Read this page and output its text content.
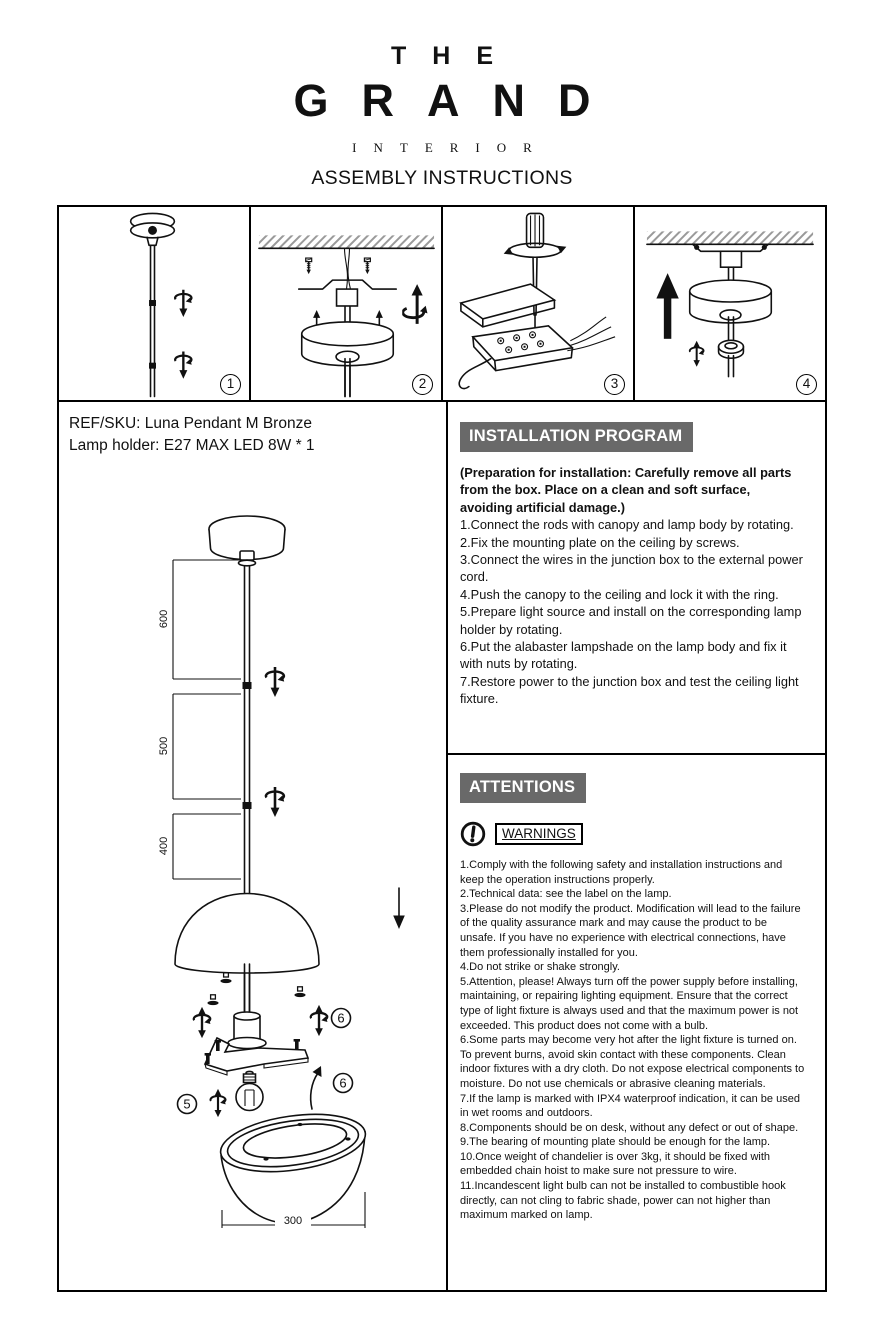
THE
GRAND
INTERIOR
ASSEMBLY INSTRUCTIONS
1	2	3	4
REF/SKU: Luna Pendant M Bronze
Lamp holder: E27 MAX LED 8W * 1
600
500
400
6
5
6
300
INSTALLATION PROGRAM

(Preparation for installation: Carefully remove all parts from the box. Place on a clean and soft surface, avoiding artificial damage.)

1.Connect the rods with canopy and lamp body by rotating.

2.Fix the mounting plate on the ceiling by screws.

3.Connect the wires in the junction box to the external power cord.

4.Push the canopy to the ceiling and lock it with the ring.

5.Prepare light source and install on the corresponding lamp holder by rotating.

6.Put the alabaster lampshade on the lamp body and fix it with nuts by rotating.

7.Restore power to the junction box and test the ceiling light fixture.

ATTENTIONS
WARNINGS

1.Comply with the following safety and installation instructions and keep the operation instructions properly.

2.Technical data: see the label on the lamp.

3.Please do not modify the product. Modification will lead to the failure of the quality assurance mark and may cause the product to be unsafe. If you have no experience with electrical connections, have them professionally installed for you.

4.Do not strike or shake strongly.

5.Attention, please! Always turn off the power supply before installing, maintaining, or repairing lighting equipment. Ensure that the correct type of light fixture is always used and that the maximum power is not exceeded. This product does not come with a bulb.

6.Some parts may become very hot after the light fixture is turned on. To prevent burns, avoid skin contact with these components. Clean indoor fixtures with a dry cloth. Do not expose electrical components to moisture. Do not use chemicals or abrasive cleaning materials.

7.If the lamp is marked with IPX4 waterproof indication, it can be used in wet rooms and outdoors.

8.Components should be on desk, without any defect or out of shape.

9.The bearing of mounting plate should be enough for the lamp.

10.Once weight of chandelier is over 3kg, it should be fixed with embedded chain hoist to make sure not pressure to wire.

11.Incandescent light bulb can not be installed to combustible hook directly, can not cling to fabric shade, power can not higher than maximum marked on lamp.
